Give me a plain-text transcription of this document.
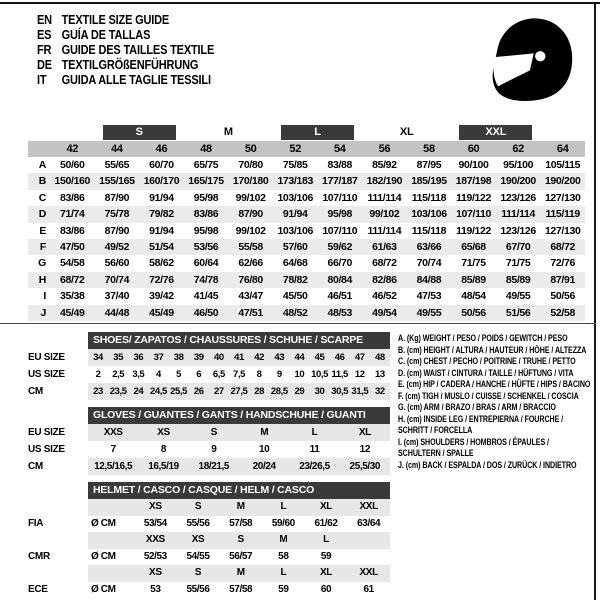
EN TEXTILE SIZE GUIDE
ES GUÍA DE TALLAS
FR GUIDE DES TAILLES TEXTILE
DE TEXTILGRÖßENFÜHRUNG
IT	GUIDA ALLE TAGLIE TESSILI
S	M	L	XL	XXL
42	44	46	48	50	52	54	56	58	60	62	64
A	50/60	55/65	60/70	65/75	70/80	75/85	83/88	85/92	87/95	90/100	95/100	105/115
B 150/160 155/165 160/170 165/175 170/180 173/183 177/187 182/190 185/195 187/198 190/200 190/200
C	83/86	87/90	91/94	95/98	99/102	103/106 107/110 111/114	115/118 119/122 123/126 127/130
D	71/74	75/78	79/82	83/86	87/90	91/94	95/98	99/102	103/106 107/110 111/114	115/119
E	83/86	87/90	91/94	95/98	99/102	103/106 107/110 111/114	115/118 119/122 123/126 127/130
F	47/50	49/52	51/54	53/56	55/58	57/60	59/62	61/63	63/66	65/68	67/70	68/72
G	54/58	56/60	58/62	60/64	62/66	64/68	66/70	68/72	70/74	71/75	71/75	72/76
H	68/72	70/74	72/76	74/78	76/80	78/82	80/84	82/86	84/88	85/89	85/89	87/91
I	35/38	37/40	39/42	41/45	43/47	45/50	46/51	46/52	47/53	48/54	49/55	50/56
J	45/49	44/48	45/49	46/50	47/51	48/52	48/53	49/54	49/55	50/56	51/56	52/58
SHOES/ ZAPATOS / CHAUSSURES / SCHUHE / SCARPE
EU SIZE	34	35	36	37	38	39	40	41	42	43	44	45	46	47	48
US SIZE	2	2,5 3,5	4	5	6	6,5 7,5	8	9	10 10,5 11,5 12	13
CM	23 23,5 24 24,5 25,5 26	27 27,5 28 28,5 29	30 30,5 31,5 32
GLOVES / GUANTES / GANTS / HANDSCHUHE / GUANTI
EU SIZE	XXS	XS	S	M	L	XL
US SIZE	7	8	9	10	11	12
CM	12,5/16,5	16,5/19	18/21,5	20/24	23/26,5	25,5/30
HELMET / CASCO / CASQUE / HELM / CASCO
XS	S	M	L	XL	XXL
FIA	Ø CM	53/54	55/56	57/58	59/60	61/62	63/64
XXS	XS	S	M	L
CMR	Ø CM	52/53	54/55	56/57	58	59
XS	S	M	L	XL	XXL
ECE	Ø CM	53	55/56	57/58	59	60	61
A. (Kg) WEIGHT / PESO / POIDS / GEWITCH / PESO
B. (cm) HEIGHT / ALTURA / HAUTEUR / HÖHE / ALTEZZA
C. (cm) CHEST / PECHO / POITRINE / TRUHE / PETTO
D. (cm) WAIST / CINTURA / TAILLE / HÜFTUNG / VITA
E. (cm) HIP / CADERA / HANCHE / HÜFTE / HIPS / BACINO
F. (cm) TIGH / MUSLO / CUISSE / SCHENKEL / COSCIA
G. (cm) ARM / BRAZO / BRAS / ARM / BRACCIO
H. (cm) INSIDE LEG / ENTREPIERNA / FOURCHE /
SCHRITT / FORCELLA
I. (cm) SHOULDERS / HOMBROS / ÉPAULES /
SCHULTERN / SPALLE
J. (cm) BACK / ESPALDA / DOS / ZURÜCK / INDIETRO
